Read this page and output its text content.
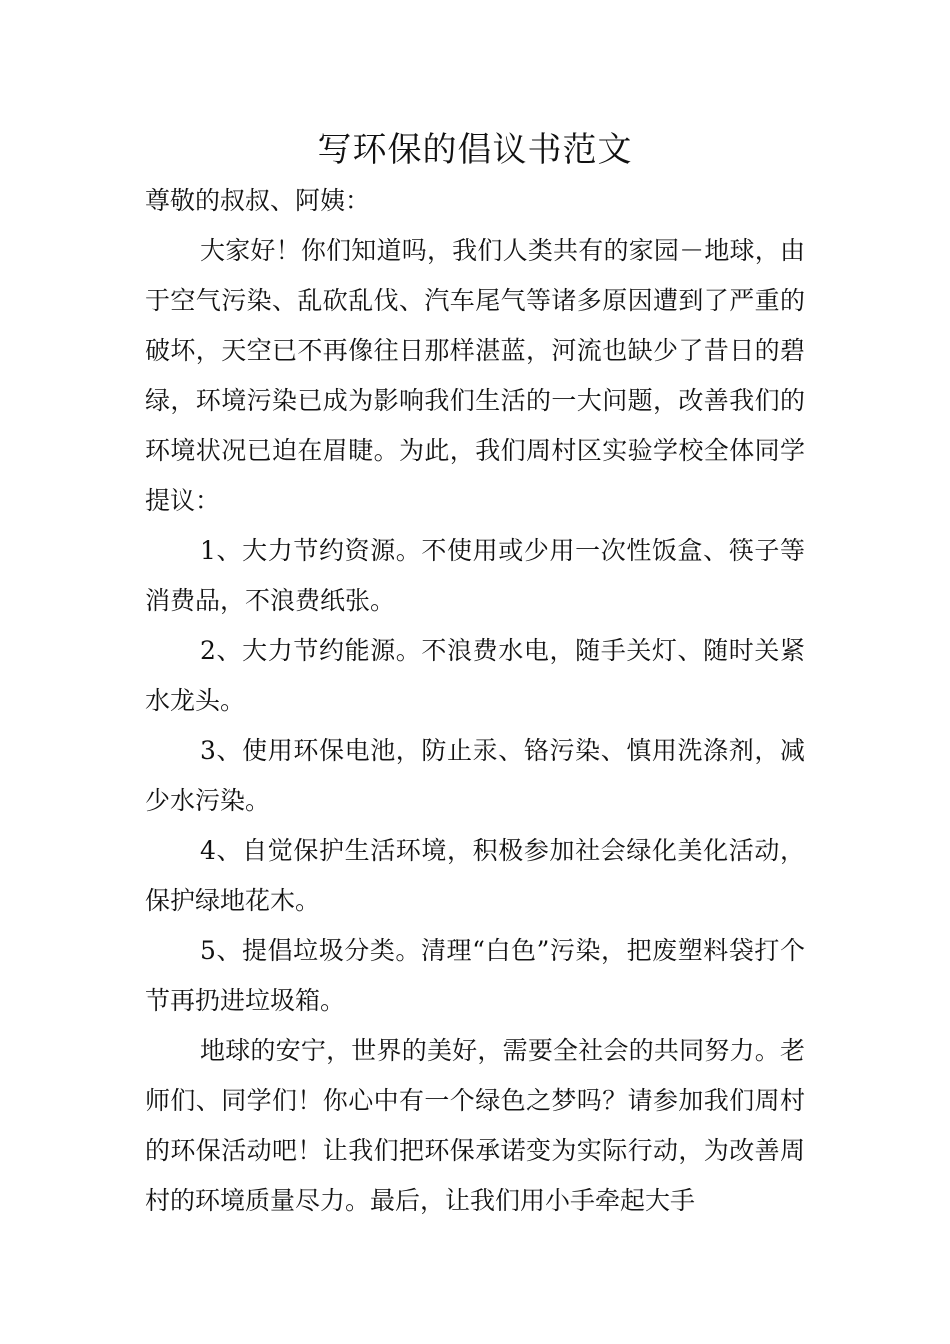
写环保的倡议书范文

尊敬的叔叔、阿姨：

大家好！你们知道吗，我们人类共有的家园－地球，由于空气污染、乱砍乱伐、汽车尾气等诸多原因遭到了严重的破坏，天空已不再像往日那样湛蓝，河流也缺少了昔日的碧绿，环境污染已成为影响我们生活的一大问题，改善我们的环境状况已迫在眉睫。为此，我们周村区实验学校全体同学提议：

1、大力节约资源。不使用或少用一次性饭盒、筷子等消费品，不浪费纸张。

2、大力节约能源。不浪费水电，随手关灯、随时关紧水龙头。

3、使用环保电池，防止汞、铬污染、慎用洗涤剂，减少水污染。

4、自觉保护生活环境，积极参加社会绿化美化活动，保护绿地花木。

5、提倡垃圾分类。清理“白色”污染，把废塑料袋打个节再扔进垃圾箱。

地球的安宁，世界的美好，需要全社会的共同努力。老师们、同学们！你心中有一个绿色之梦吗？请参加我们周村的环保活动吧！让我们把环保承诺变为实际行动，为改善周村的环境质量尽力。最后，让我们用小手牵起大手
